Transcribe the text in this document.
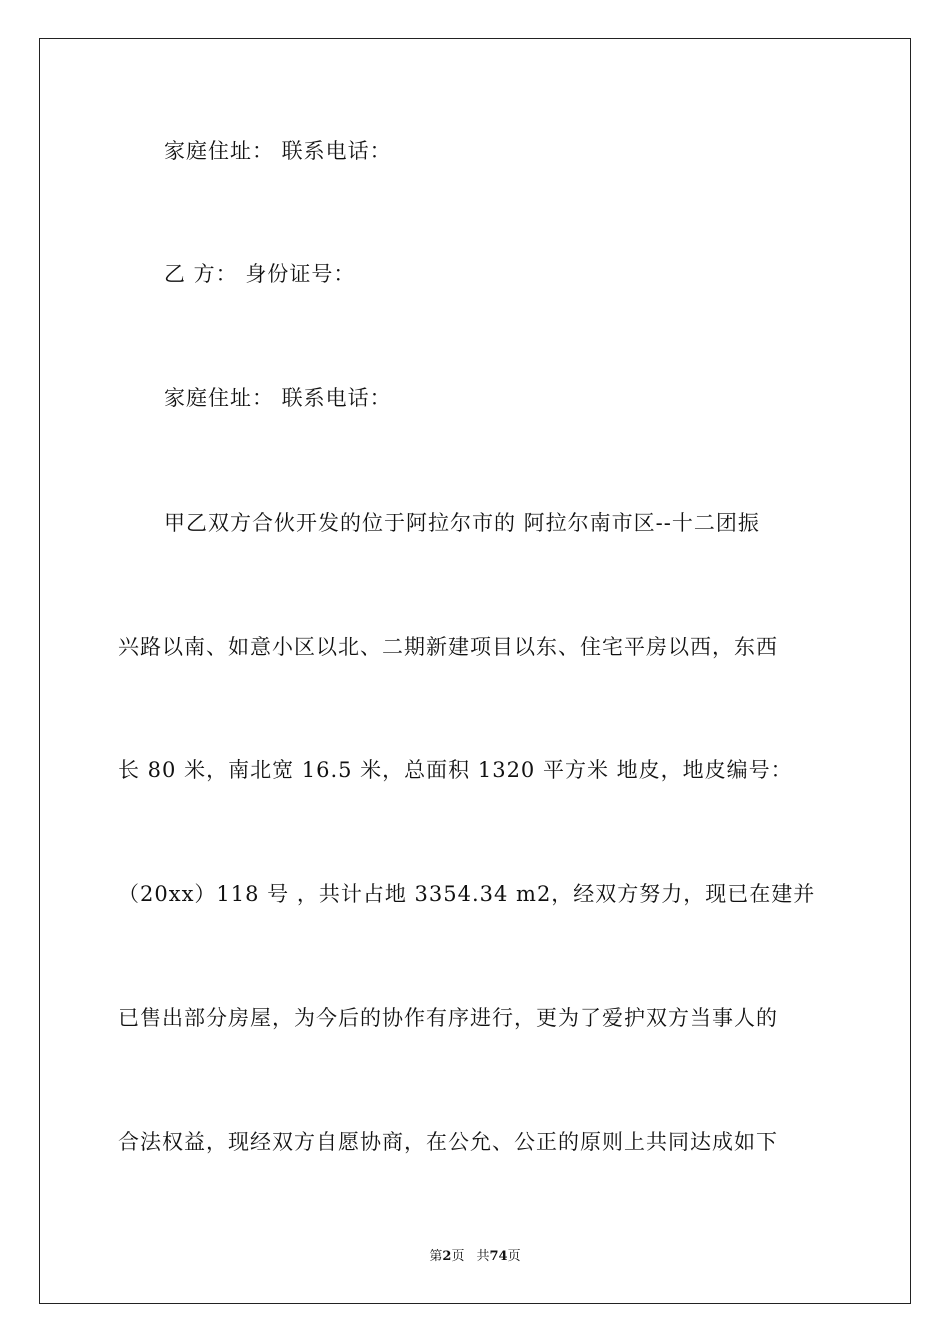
家庭住址： 联系电话：
乙 方： 身份证号：
家庭住址： 联系电话：
甲乙双方合伙开发的位于阿拉尔市的 阿拉尔南市区--十二团振
兴路以南、如意小区以北、二期新建项目以东、住宅平房以西，东西
长 80 米，南北宽 16.5 米，总面积 1320 平方米 地皮，地皮编号：
（20xx）118 号 ，共计占地 3354.34 m2，经双方努力，现已在建并
已售出部分房屋，为今后的协作有序进行，更为了爱护双方当事人的
合法权益，现经双方自愿协商，在公允、公正的原则上共同达成如下
第2页 共74页
